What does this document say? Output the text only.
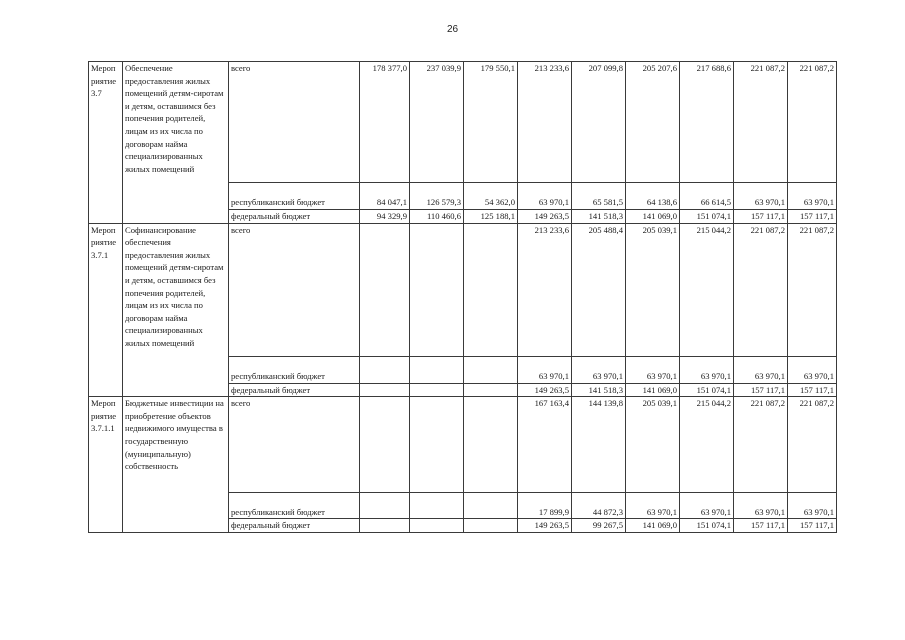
26
Мероп риятие 3.7	Обеспечение предоставления жилых помещений детям-сиротам и детям, оставшимся без попечения родителей, лицам из их числа по договорам найма специализированных жилых помещений	всего	178 377,0	237 039,9	179 550,1	213 233,6	207 099,8	205 207,6	217 688,6	221 087,2	221 087,2
		республиканский бюджет	84 047,1	126 579,3	54 362,0	63 970,1	65 581,5	64 138,6	66 614,5	63 970,1	63 970,1
		федеральный бюджет	94 329,9	110 460,6	125 188,1	149 263,5	141 518,3	141 069,0	151 074,1	157 117,1	157 117,1
Мероп риятие 3.7.1	Софинансирование обеспечения предоставления жилых помещений детям-сиротам и детям, оставшимся без попечения родителей, лицам из их числа по договорам найма специализированных жилых помещений	всего				213 233,6	205 488,4	205 039,1	215 044,2	221 087,2	221 087,2
		республиканский бюджет				63 970,1	63 970,1	63 970,1	63 970,1	63 970,1	63 970,1
		федеральный бюджет				149 263,5	141 518,3	141 069,0	151 074,1	157 117,1	157 117,1
Мероп риятие 3.7.1.1	Бюджетные инвестиции на приобретение объектов недвижимого имущества в государственную (муниципальную) собственность	всего				167 163,4	144 139,8	205 039,1	215 044,2	221 087,2	221 087,2
		республиканский бюджет				17 899,9	44 872,3	63 970,1	63 970,1	63 970,1	63 970,1
		федеральный бюджет				149 263,5	99 267,5	141 069,0	151 074,1	157 117,1	157 117,1
